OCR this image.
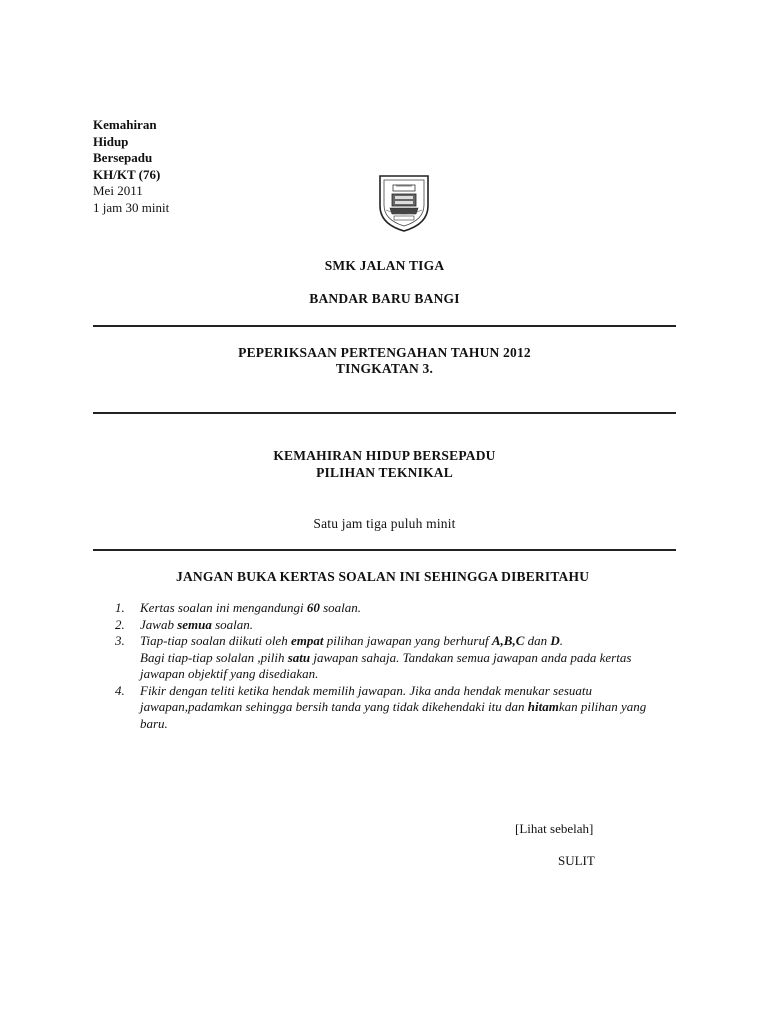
Kemahiran
Hidup
Bersepadu
KH/KT (76)
Mei 2011
1 jam 30 minit
SMK JALAN TIGA
BANDAR BARU BANGI
PEPERIKSAAN PERTENGAHAN TAHUN 2012
TINGKATAN 3.
KEMAHIRAN HIDUP BERSEPADU
PILIHAN TEKNIKAL
Satu jam tiga puluh minit
JANGAN BUKA KERTAS SOALAN INI SEHINGGA DIBERITAHU
1.	Kertas soalan ini mengandungi 60 soalan.
2.	Jawab semua soalan.
3.	Tiap-tiap soalan diikuti oleh empat pilihan jawapan yang berhuruf A,B,C dan D.
Bagi tiap-tiap solalan ,pilih satu jawapan sahaja. Tandakan semua jawapan anda pada kertas jawapan objektif yang disediakan.
4.	Fikir dengan teliti ketika hendak memilih jawapan. Jika anda hendak menukar sesuatu jawapan,padamkan sehingga bersih tanda yang tidak dikehendaki itu dan hitamkan pilihan yang baru.
[Lihat sebelah]
SULIT
